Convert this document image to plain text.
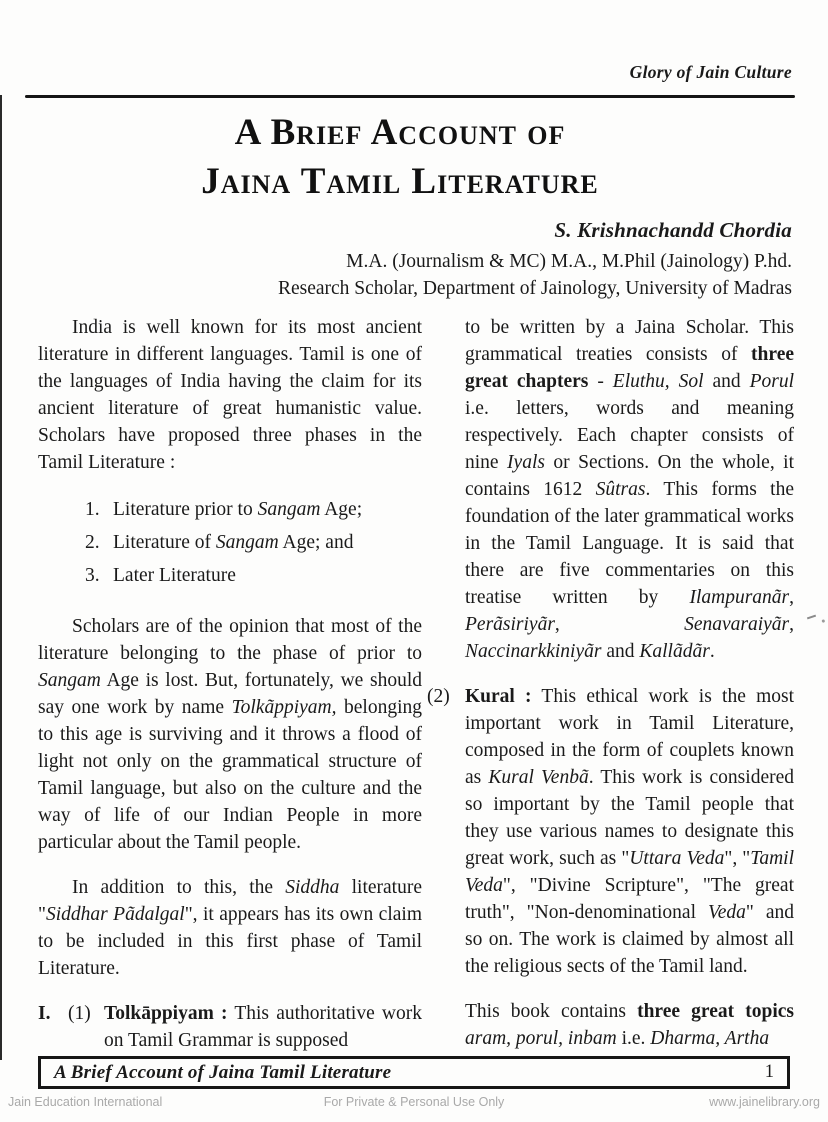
Glory of Jain Culture
A Brief Account of
Jaina Tamil Literature
S. Krishnachandd Chordia
M.A. (Journalism & MC) M.A., M.Phil (Jainology) P.hd.
Research Scholar, Department of Jainology, University of Madras

India is well known for its most ancient literature in different languages. Tamil is one of the languages of India having the claim for its ancient literature of great humanistic value. Scholars have proposed three phases in the Tamil Literature :

1. Literature prior to Sangam Age;
2. Literature of Sangam Age; and
3. Later Literature

Scholars are of the opinion that most of the literature belonging to the phase of prior to Sangam Age is lost. But, fortunately, we should say one work by name Tolkãppiyam, belonging to this age is surviving and it throws a flood of light not only on the grammatical structure of Tamil language, but also on the culture and the way of life of our Indian People in more particular about the Tamil people.

In addition to this, the Siddha literature "Siddhar Pãdalgal", it appears has its own claim to be included in this first phase of Tamil Literature.

I. (1) Tolkāppiyam : This authoritative work on Tamil Grammar is supposed

to be written by a Jaina Scholar. This grammatical treaties consists of three great chapters - Eluthu, Sol and Porul i.e. letters, words and meaning respectively. Each chapter consists of nine Iyals or Sections. On the whole, it contains 1612 Sûtras. This forms the foundation of the later grammatical works in the Tamil Language. It is said that there are five commentaries on this treatise written by Ilampuranãr, Perãsiriyãr, Senavaraiyãr, Naccinarkkiniyãr and Kallãdãr.

(2) Kural : This ethical work is the most important work in Tamil Literature, composed in the form of couplets known as Kural Venbã. This work is considered so important by the Tamil people that they use various names to designate this great work, such as "Uttara Veda", "Tamil Veda", "Divine Scripture", "The great truth", "Non-denominational Veda" and so on. The work is claimed by almost all the religious sects of the Tamil land.

This book contains three great topics aram, porul, inbam i.e. Dharma, Artha

A Brief Account of Jaina Tamil Literature	1
Jain Education International	For Private & Personal Use Only	www.jainelibrary.org
